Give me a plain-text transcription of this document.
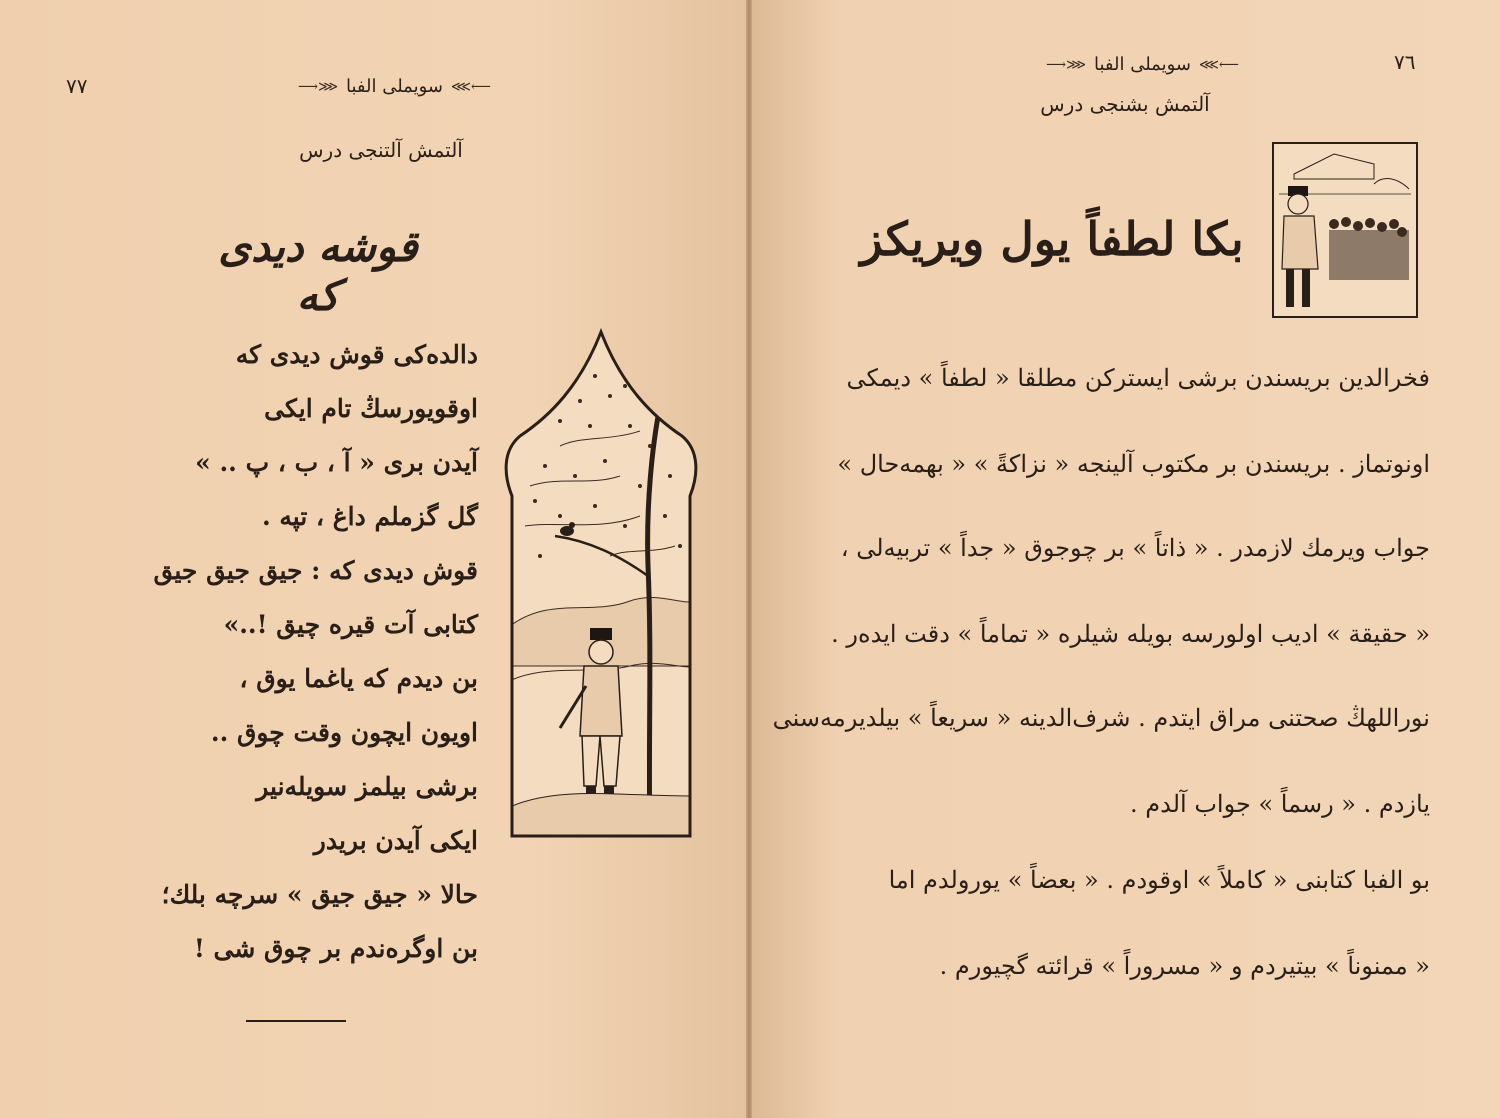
۷۷	⟵⋙
سویملی الفبا
⋘⟶
آلتمش آلتنجی درس
قوشه دیدی که
دالده‌کی قوش دیدی که
اوقویورسڭ تام ایکی
آیدن بری « آ ، ب ، پ .. »
گل گزملم داغ ، تپه .
قوش دیدی که : جیق جیق جیق
کتابی آت قیره چیق !..»
بن دیدم که یاغما یوق ،
اویون ایچون وقت چوق ..
برشی بیلمز سویله‌نیر
ایکی آیدن بریدر
حالا « جیق جیق » سرچه بلك؛
بن اوگره‌ندم بر چوق شی !
۷٦
⟵⋙
سویملی الفبا
⋘⟶
آلتمش بشنجی درس
بکا لطفاً یول ویریکز
فخرالدین بریسندن برشی ایسترکن مطلقا « لطفاً » دیمکی
اونوتماز . بریسندن بر مکتوب آلینجه « نزاکةً » « بهمه‌حال »
جواب ویرمك لازمدر . « ذاتاً » بر چوجوق « جداً » تربیه‌لی ،
« حقیقة » ادیب اولورسه بویله شیلره « تماماً » دقت ایدەر .
نوراللهڭ صحتنی مراق ایتدم . شرف‌الدینه « سریعاً » بیلدیرمه‌سنی
یازدم . « رسماً » جواب آلدم .
بو الفبا کتابنی « کاملاً » اوقودم . « بعضاً » یورولدم اما
« ممنوناً » بیتیردم و « مسروراً » قرائته گچیورم .
